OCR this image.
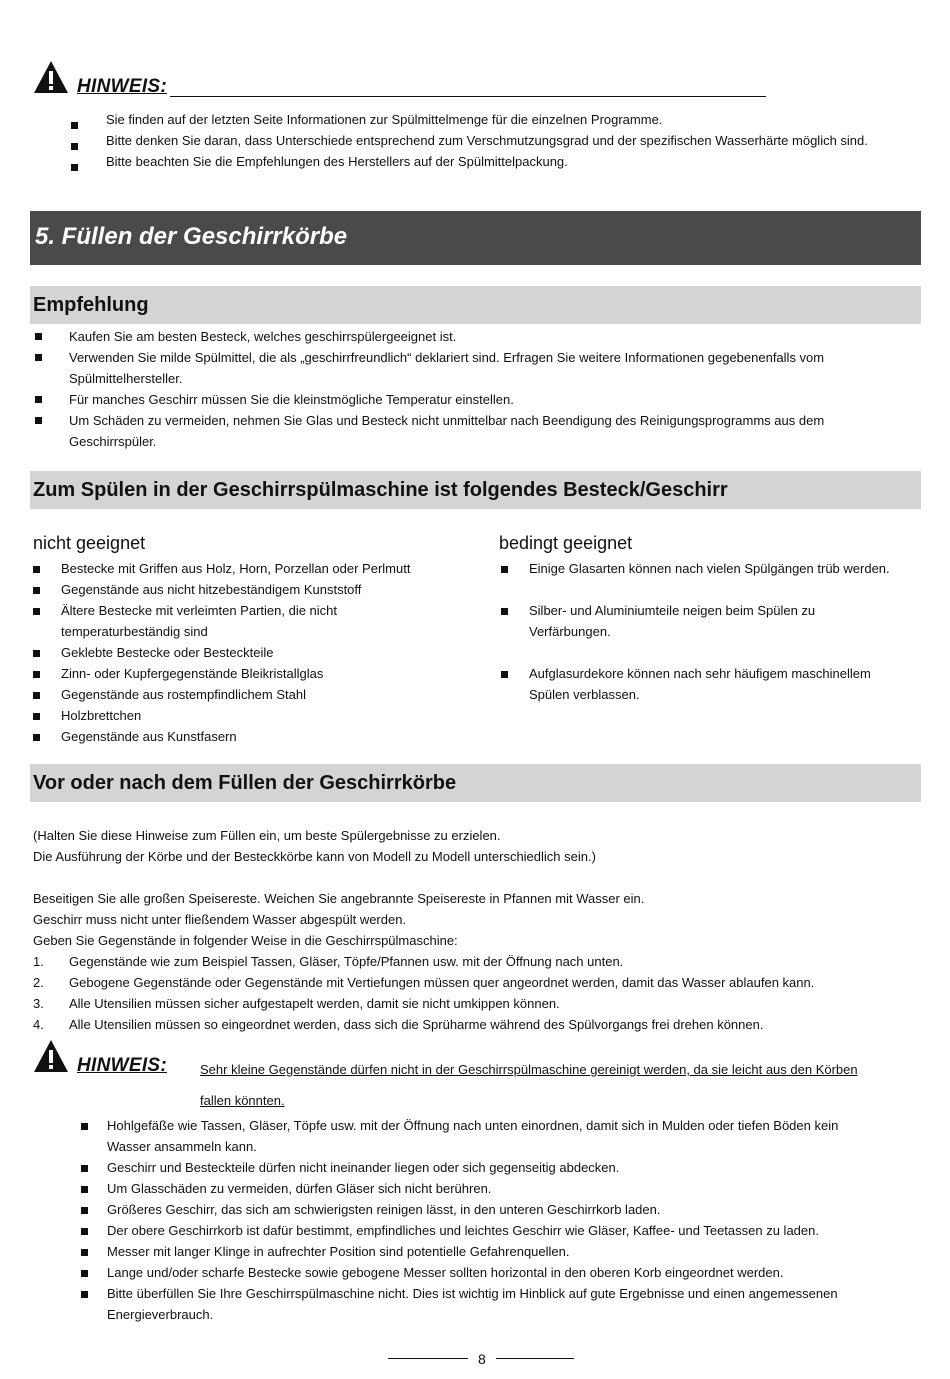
HINWEIS:
Sie finden auf der letzten Seite Informationen zur Spülmittelmenge für die einzelnen Programme.
Bitte denken Sie daran, dass Unterschiede entsprechend zum Verschmutzungsgrad und der spezifischen Wasserhärte möglich sind.
Bitte beachten Sie die Empfehlungen des Herstellers auf der Spülmittelpackung.
5. Füllen der Geschirrkörbe
Empfehlung
Kaufen Sie am besten Besteck, welches geschirrspülergeeignet ist.
Verwenden Sie milde Spülmittel, die als „geschirrfreundlich“ deklariert sind. Erfragen Sie weitere Informationen gegebenenfalls vom
Spülmittelhersteller.
Für manches Geschirr müssen Sie die kleinstmögliche Temperatur einstellen.
Um Schäden zu vermeiden, nehmen Sie Glas und Besteck nicht unmittelbar nach Beendigung des Reinigungsprogramms aus dem
Geschirrspüler.
Zum Spülen in der Geschirrspülmaschine ist folgendes Besteck/Geschirr
nicht geeignet
Bestecke mit Griffen aus Holz, Horn, Porzellan oder Perlmutt
Gegenstände aus nicht hitzebeständigem Kunststoff
Ältere Bestecke mit verleimten Partien, die nicht
temperaturbeständig sind
Geklebte Bestecke oder Besteckteile
Zinn- oder Kupfergegenstände Bleikristallglas
Gegenstände aus rostempfindlichem Stahl
Holzbrettchen
Gegenstände aus Kunstfasern
bedingt geeignet
Einige Glasarten können nach vielen Spülgängen trüb werden.
Silber- und Aluminiumteile neigen beim Spülen zu
Verfärbungen.
Aufglasurdekore können nach sehr häufigem maschinellem
Spülen verblassen.
Vor oder nach dem Füllen der Geschirrkörbe
(Halten Sie diese Hinweise zum Füllen ein, um beste Spülergebnisse zu erzielen.
Die Ausführung der Körbe und der Besteckkörbe kann von Modell zu Modell unterschiedlich sein.)
Beseitigen Sie alle großen Speisereste. Weichen Sie angebrannte Speisereste in Pfannen mit Wasser ein.
Geschirr muss nicht unter fließendem Wasser abgespült werden.
Geben Sie Gegenstände in folgender Weise in die Geschirrspülmaschine:
1. Gegenstände wie zum Beispiel Tassen, Gläser, Töpfe/Pfannen usw. mit der Öffnung nach unten.
2. Gebogene Gegenstände oder Gegenstände mit Vertiefungen müssen quer angeordnet werden, damit das Wasser ablaufen kann.
3. Alle Utensilien müssen sicher aufgestapelt werden, damit sie nicht umkippen können.
4. Alle Utensilien müssen so eingeordnet werden, dass sich die Sprüharme während des Spülvorgangs frei drehen können.
HINWEIS:	Sehr kleine Gegenstände dürfen nicht in der Geschirrspülmaschine gereinigt werden, da sie leicht aus den Körben
fallen könnten.
Hohlgefäße wie Tassen, Gläser, Töpfe usw. mit der Öffnung nach unten einordnen, damit sich in Mulden oder tiefen Böden kein
Wasser ansammeln kann.
Geschirr und Besteckteile dürfen nicht ineinander liegen oder sich gegenseitig abdecken.
Um Glasschäden zu vermeiden, dürfen Gläser sich nicht berühren.
Größeres Geschirr, das sich am schwierigsten reinigen lässt, in den unteren Geschirrkorb laden.
Der obere Geschirrkorb ist dafür bestimmt, empfindliches und leichtes Geschirr wie Gläser, Kaffee- und Teetassen zu laden.
Messer mit langer Klinge in aufrechter Position sind potentielle Gefahrenquellen.
Lange und/oder scharfe Bestecke sowie gebogene Messer sollten horizontal in den oberen Korb eingeordnet werden.
Bitte überfüllen Sie Ihre Geschirrspülmaschine nicht. Dies ist wichtig im Hinblick auf gute Ergebnisse und einen angemessenen
Energieverbrauch.
8
